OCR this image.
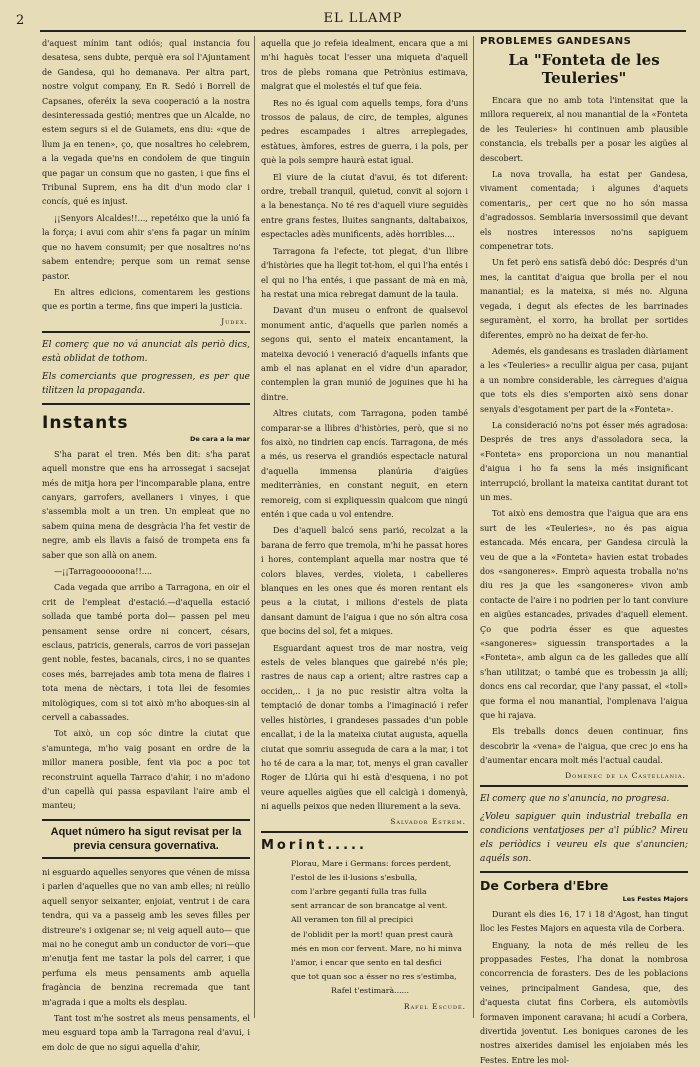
2	EL LLAMP

d'aquest mínim tant odiós; qual instancia fou desatesa, sens dubte, perquè era sol l'Ajuntament de Gandesa, qui ho demanava. Per altra part, nostre volgut company, En R. Sedó i Borrell de Capsanes, oferéix la seva cooperació a la nostra desinteressada gestió; mentres que un Alcalde, no estem segurs si el de Guiamets, ens diu: «que de llum ja en tenen», ço, que nosaltres ho celebrem, a la vegada que'ns en condolem de que tinguin que pagar un consum que no gasten, i que fins el Tribunal Suprem, ens ha dit d'un modo clar i concís, qué es injust.

¡¡Senyors Alcaldes!!..., repetéixo que la unió fa la força; i avui com ahir s'ens fa pagar un mínim que no havem consumit; per que nosaltres no'ns sabem entendre; perque som un remat sense pastor.

En altres edicions, comentarem les gestions que es portin a terme, fins que imperi la justicia.

Judex.
El comerç que no vá anunciat als periò dics, està oblidat de tothom.
Els comerciants que progressen, es per que tilitzen la propaganda.
Instants
De cara a la mar

S'ha parat el tren. Més ben dit: s'ha parat aquell monstre que ens ha arrossegat i sacsejat més de mitja hora per l'incomparable plana, entre canyars, garrofers, avellaners i vinyes, i que s'assembla molt a un tren. Un empleat que no sabem quina mena de desgràcia l'ha fet vestir de negre, amb els llavis a faisó de trompeta ens fa saber que son allà on anem.

—¡¡Tarragoooooona!!....

Cada vegada que arribo a Tarragona, en oir el crit de l'empleat d'estació.—d'aquella estació sollada que també porta dol— passen pel meu pensament sense ordre ni concert, césars, esclaus, patricis, generals, carros de vori passejan gent noble, festes, bacanals, circs, i no se quantes coses més, barrejades amb tota mena de flaires i tota mena de nèctars, i tota llei de fesomies mitològiques, com si tot això m'ho aboques-sin al cervell a cabassades.

Tot això, un cop sóc dintre la ciutat que s'amuntega, m'ho vaig posant en ordre de la millor manera posible, fent via poc a poc tot reconstruint aquella Tarraco d'ahir, i no m'adono d'un capellà qui passa espavilant l'aire amb el manteu;

Aquet número ha sigut revisat per la previa censura governativa.

ni esguardo aquelles senyores que vénen de missa i parlen d'aquelles que no van amb elles; ni reùllo aquell senyor seixanter, enjoiat, ventrut i de cara tendra, qui va a passeig amb les seves filles per distreure's i oxigenar se; ni veig aquell auto— que mai no he conegut amb un conductor de vori—que m'enutja fent me tastar la pols del carrer, i que perfuma els meus pensaments amb aquella fragància de benzina recremada que tant m'agrada i que a molts els desplau.

Tant tost m'he sostret als meus pensaments, el meu esguard topa amb la Tarragona real d'avui, i em dolc de que no sigui aquella d'ahir,

aquella que jo refeia idealment, encara que a mi m'hi haguès tocat l'esser una miqueta d'aquell tros de plebs romana que Petrònius estimava, malgrat que el molestés el tuf que feia.

Res no és igual com aquells temps, fora d'uns trossos de palaus, de circ, de temples, algunes pedres escampades i altres arreplegades, estàtues, àmfores, estres de guerra, i la pols, per què la pols sempre haurà estat igual.

El viure de la ciutat d'avui, és tot diferent: ordre, treball tranquil, quietud, convit al sojorn i a la benestança. No té res d'aquell viure seguidès entre grans festes, lluites sangnants, daltabaixos, espectacles adès munificents, adès horribles....

Tarragona fa l'efecte, tot plegat, d'un llibre d'històries que ha llegit tot-hom, el qui l'ha entés i el qui no l'ha entés, i que passant de mà en mà, ha restat una mica rebregat damunt de la taula.

Davant d'un museu o enfront de qualsevol monument antic, d'aquells que parlen només a segons qui, sento el mateix encantament, la mateixa devoció i veneració d'aquells infants que amb el nas aplanat en el vidre d'un aparador, contemplen la gran munió de joguines que hi ha dintre.

Altres ciutats, com Tarragona, poden també comparar-se a llibres d'històries, però, que si no fos això, no tindrien cap encís. Tarragona, de més a més, us reserva el grandiós espectacle natural d'aquella immensa planúria d'aigües mediterrànies, en constant neguit, en etern remoreig, com si expliquessin qualcom que ningú entén i que cada u vol entendre.

Des d'aquell balcó sens parió, recolzat a la barana de ferro que tremola, m'hi he passat hores i hores, contemplant aquella mar nostra que té colors blaves, verdes, violeta, i cabelleres blanques en les ones que és moren rentant els peus a la ciutat, i milions d'estels de plata dansant damunt de l'aigua i que no són altra cosa que bocins del sol, fet a miques.

Esguardant aquest tros de mar nostra, veig estels de veles blanques que gairebé n'és ple; rastres de naus cap a orient; altre rastres cap a occiden,.. i ja no puc resistir altra volta la temptació de donar tombs a l'imaginació i refer velles històries, i grandeses passades d'un poble encallat, i de la la mateixa ciutat augusta, aquella ciutat que somriu asseguda de cara a la mar, i tot ho té de cara a la mar, tot, menys el gran cavaller Roger de Llúria qui hi està d'esquena, i no pot veure aquelles aigües que ell calcigà i domenyà, ni aquells peixos que neden lliurement a la seva.

Salvador Estrem.
Morint.....
Plorau, Mare i Germans: forces perdent,
l'estol de les il·lusions s'esbulla,
com l'arbre gegantí fulla tras fulla
sent arrancar de son brancatge al vent.
All veramen ton fill al precipici
de l'oblidit per la mort! quan prest caurà
més en mon cor fervent. Mare, no hi minva
l'amor, i encar que sento en tal desfici
que tot quan soc a ésser no res s'estimba,
Rafel t'estimarà......
Rafel Escudé.
PROBLEMES GANDESANS
La "Fonteta de les Teuleries"

Encara que no amb tota l'intensitat que la millora requereix, al nou manantial de la «Fonteta de les Teuleries» hi continuen amb plausible constancia, els treballs per a posar les aigües al descobert.

La nova trovalla, ha estat per Gandesa, vivament comentada; i algunes d'aquets comentaris,, per cert que no ho són massa d'agradossos. Semblaria inversossimil que devant els nostres interessos no'ns sapiguem compenetrar tots.

Un fet però ens satisfà debó dóc: Després d'un mes, la cantitat d'aigua que brolla per el nou manantial; es la mateixa, si més no. Alguna vegada, i degut als efectes de les barrinades seguramènt, el xorro, ha brollat per sortides diferentes, emprò no ha deixat de fer-ho.

Ademés, els gandesans es trasladen diàriament a les «Teuleries» a recullir aigua per casa, pujant a un nombre considerable, les càrregues d'aigua que tots els dies s'emporten això sens donar senyals d'esgotament per part de la «Fonteta».

La consideració no'ns pot ésser més agradosa: Després de tres anys d'assoladora seca, la «Fonteta» ens proporciona un nou manantial d'aigua i ho fa sens la més insignificant interrupció, brollant la mateixa cantitat durant tot un mes.

Tot això ens demostra que l'aigua que ara ens surt de les «Teuleries», no és pas aigua estancada. Més encara, per Gandesa circulà la veu de que a la «Fonteta» havien estat trobades dos «sangoneres». Emprò aquesta troballa no'ns diu res ja que les «sangoneres» vivon amb contacte de l'aire i no podrien per lo tant conviure en aigües estancades, privades d'aquell element. Ço que podria ésser es que aquestes «sangoneres» siguessin transportades a la «Fonteta», amb algun ca de les galledes que allí s'han utilitzat; o també que es trobessin ja allí; doncs ens cal recordar, que l'any passat, el «toll» que forma el nou manantial, l'omplenava l'aigua que hi rajava.

Els treballs doncs deuen continuar, fins descobrir la «vena» de l'aigua, que crec jo ens ha d'aumentar encara molt més l'actual caudal.

Domenec de la Castellania.
El comerç que no s'anuncia, no progresa.
¿Voleu sapiguer quin industrial treballa en condicions ventatjoses per a'l públic? Mireu els periòdics i veureu els que s'anuncien; aquéls son.
De Corbera d'Ebre
Les Festes Majors

Durant els dies 16, 17 i 18 d'Agost, han tingut lloc les Festes Majors en aquesta vila de Corbera.

Enguany, la nota de més relleu de les proppasades Festes, l'ha donat la nombrosa concorrencia de forasters. Des de les poblacions veines, principalment Gandesa, que, des d'aquesta ciutat fins Corbera, els automòvils formaven imponent caravana; hi acudí a Corbera, divertida joventut. Les boniques carones de les nostres aixerides damisel les enjoiaben més les Festes. Entre les mol-
